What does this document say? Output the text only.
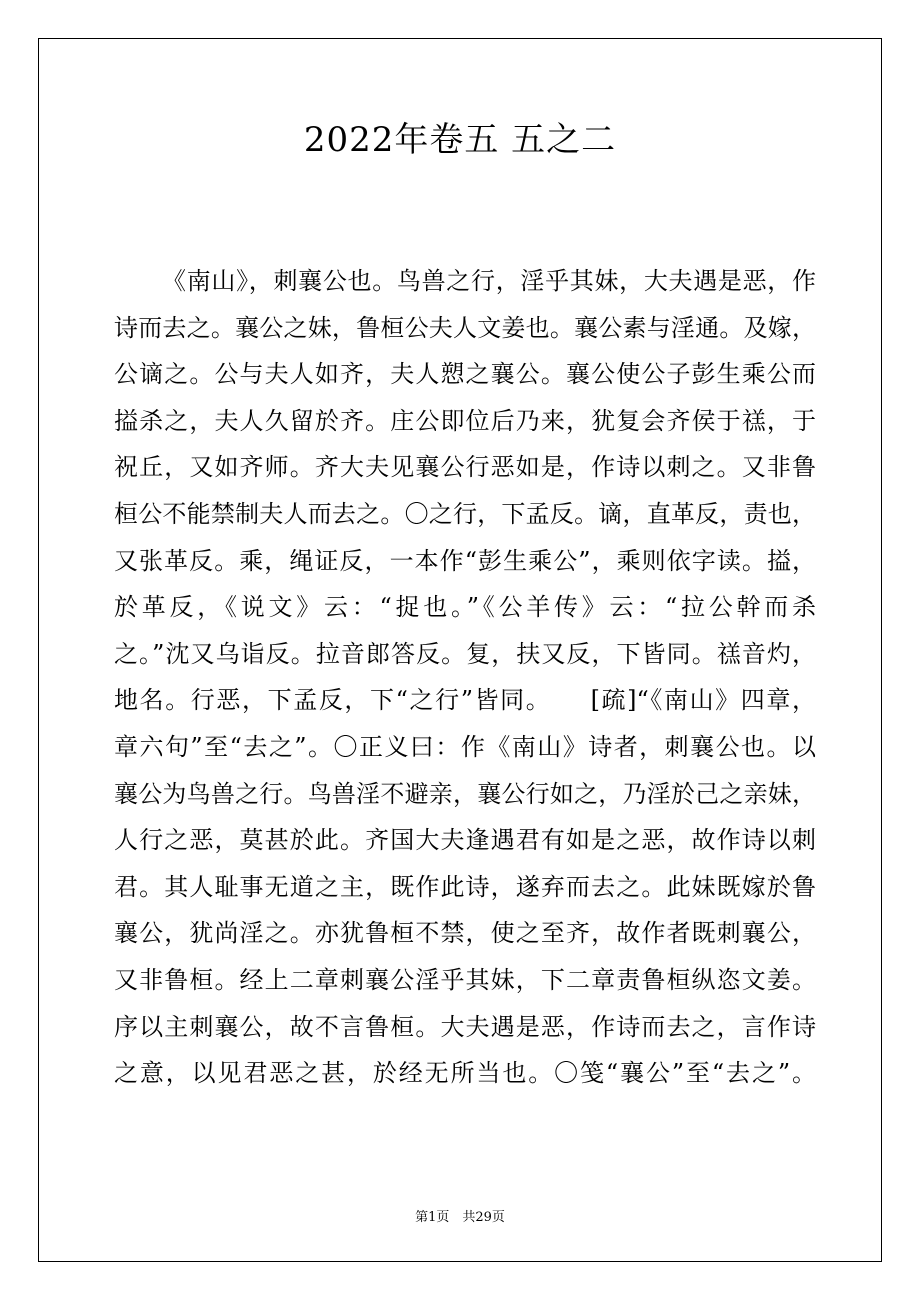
2022年卷五 五之二
《南山》，刺襄公也。鸟兽之行，淫乎其妹，大夫遇是恶，作
诗而去之。襄公之妹，鲁桓公夫人文姜也。襄公素与淫通。及嫁，
公谪之。公与夫人如齐，夫人愬之襄公。襄公使公子彭生乘公而
搤杀之，夫人久留於齐。庄公即位后乃来，犹复会齐侯于禚，于
祝丘，又如齐师。齐大夫见襄公行恶如是，作诗以刺之。又非鲁
桓公不能禁制夫人而去之。〇之行，下孟反。谪，直革反，责也，
又张革反。乘，绳证反，一本作“彭生乘公”，乘则依字读。搤，
於革反，《说文》云：“捉也。”《公羊传》云：“拉公幹而杀
之。”沈又乌诣反。拉音郎答反。复，扶又反，下皆同。禚音灼，
地名。行恶，下孟反，下“之行”皆同。　　[疏]“《南山》四章，
章六句”至“去之”。〇正义曰：作《南山》诗者，刺襄公也。以
襄公为鸟兽之行。鸟兽淫不避亲，襄公行如之，乃淫於己之亲妹，
人行之恶，莫甚於此。齐国大夫逢遇君有如是之恶，故作诗以刺
君。其人耻事无道之主，既作此诗，遂弃而去之。此妹既嫁於鲁
襄公，犹尚淫之。亦犹鲁桓不禁，使之至齐，故作者既刺襄公，
又非鲁桓。经上二章刺襄公淫乎其妹，下二章责鲁桓纵恣文姜。
序以主刺襄公，故不言鲁桓。大夫遇是恶，作诗而去之，言作诗
之意，以见君恶之甚，於经无所当也。〇笺“襄公”至“去之”。
第1页　共29页
